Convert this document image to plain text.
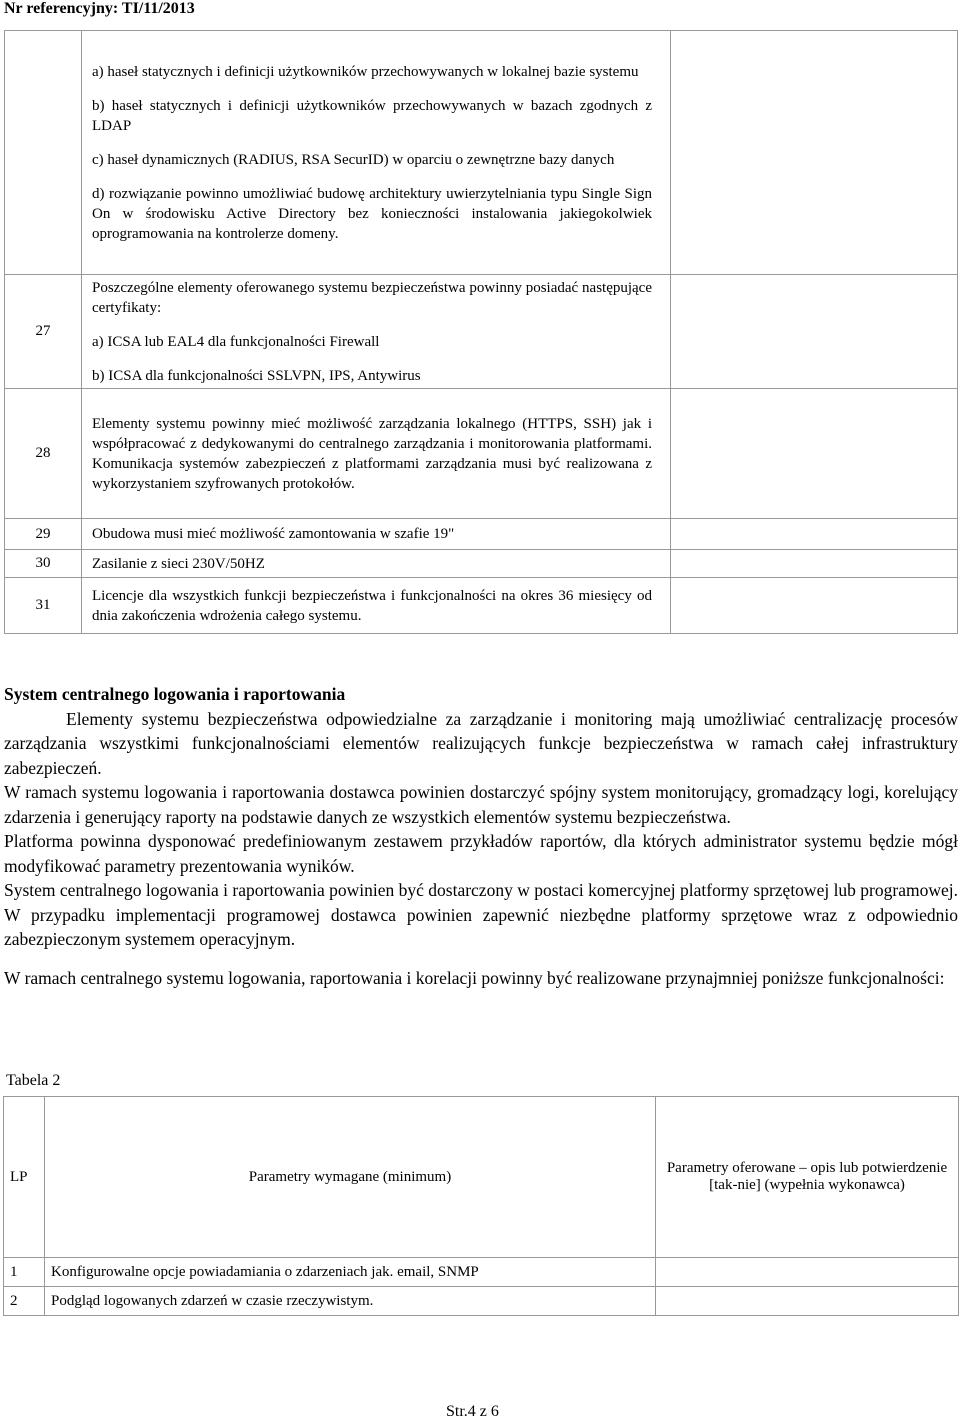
Nr referencyjny: TI/11/2013

	a) haseł statycznych i definicji użytkowników przechowywanych w lokalnej bazie systemu
b) haseł statycznych i definicji użytkowników przechowywanych w bazach zgodnych z LDAP
c) haseł dynamicznych (RADIUS, RSA SecurID) w oparciu o zewnętrzne bazy danych
d) rozwiązanie powinno umożliwiać budowę architektury uwierzytelniania typu Single Sign On w środowisku Active Directory bez konieczności instalowania jakiegokolwiek oprogramowania na kontrolerze domeny.	

27	Poszczególne elementy oferowanego systemu bezpieczeństwa powinny posiadać następujące certyfikaty:
a) ICSA lub EAL4 dla funkcjonalności Firewall
b) ICSA dla funkcjonalności SSLVPN, IPS, Antywirus	

28	Elementy systemu powinny mieć możliwość zarządzania lokalnego (HTTPS, SSH) jak i współpracować z dedykowanymi do centralnego zarządzania i monitorowania platformami. Komunikacja systemów zabezpieczeń z platformami zarządzania musi być realizowana z wykorzystaniem szyfrowanych protokołów.	

29	Obudowa musi mieć możliwość zamontowania w szafie 19"	
30	Zasilanie z sieci 230V/50HZ	
31	Licencje dla wszystkich funkcji bezpieczeństwa i funkcjonalności na okres 36 miesięcy od dnia zakończenia wdrożenia całego systemu.	

System centralnego logowania i raportowania

Elementy systemu bezpieczeństwa odpowiedzialne za zarządzanie i monitoring mają umożliwiać centralizację procesów zarządzania wszystkimi funkcjonalnościami elementów realizujących funkcje bezpieczeństwa w ramach całej infrastruktury zabezpieczeń.

W ramach systemu logowania i raportowania dostawca powinien dostarczyć spójny system monitorujący, gromadzący logi, korelujący zdarzenia i generujący raporty na podstawie danych ze wszystkich elementów systemu bezpieczeństwa.

Platforma powinna dysponować predefiniowanym zestawem przykładów raportów, dla których administrator systemu będzie mógł modyfikować parametry prezentowania wyników.

System centralnego logowania i raportowania powinien być dostarczony w postaci komercyjnej platformy sprzętowej lub programowej. W przypadku implementacji programowej dostawca powinien zapewnić niezbędne platformy sprzętowe wraz z odpowiednio zabezpieczonym systemem operacyjnym.

W ramach centralnego systemu logowania, raportowania i korelacji powinny być realizowane przynajmniej poniższe funkcjonalności:

Tabela 2
LP	Parametry wymagane (minimum)	Parametry oferowane – opis lub potwierdzenie [tak-nie] (wypełnia wykonawca)
1	Konfigurowalne opcje powiadamiania o zdarzeniach jak. email, SNMP	
2	Podgląd logowanych zdarzeń w czasie rzeczywistym.	
Str.4 z 6
